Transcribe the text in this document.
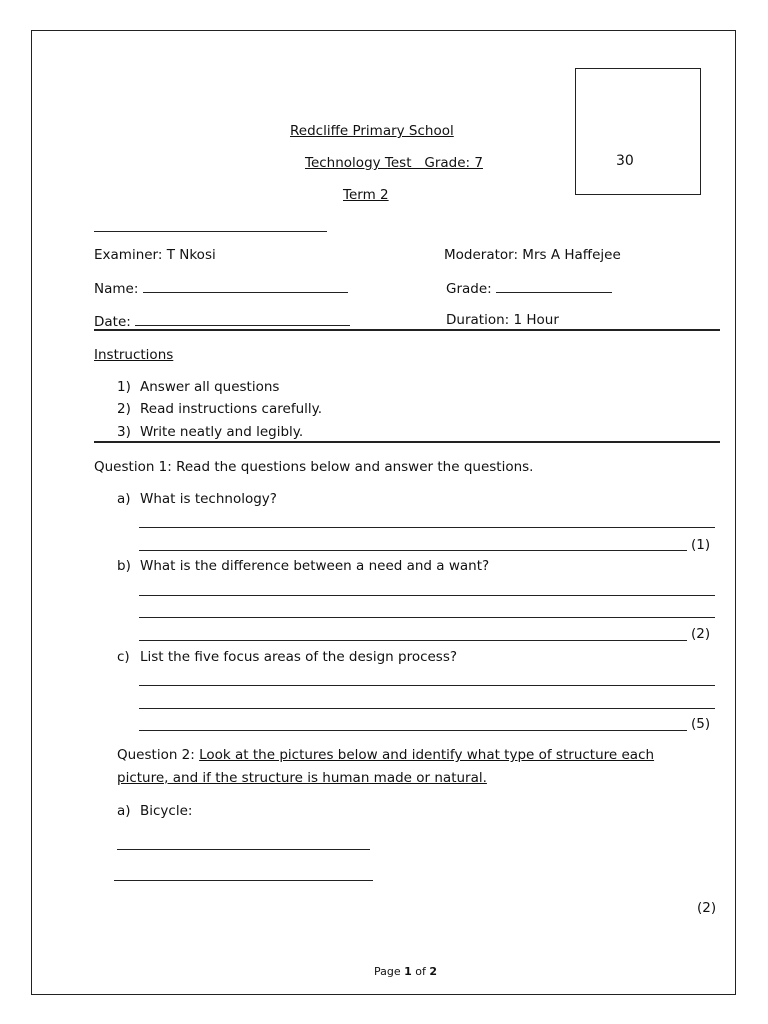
Redcliffe Primary School
Technology Test   Grade: 7
Term 2
30
Examiner: T Nkosi	Moderator: Mrs A Haffejee
Name:	Grade:
Date:	Duration: 1 Hour
Instructions
1) Answer all questions
2) Read instructions carefully.
3) Write neatly and legibly.
Question 1: Read the questions below and answer the questions.
a) What is technology?
(1)
b) What is the difference between a need and a want?
(2)
c) List the five focus areas of the design process?
(5)
Question 2: Look at the pictures below and identify what type of structure each
picture, and if the structure is human made or natural.
a) Bicycle:
(2)
Page 1 of 2
